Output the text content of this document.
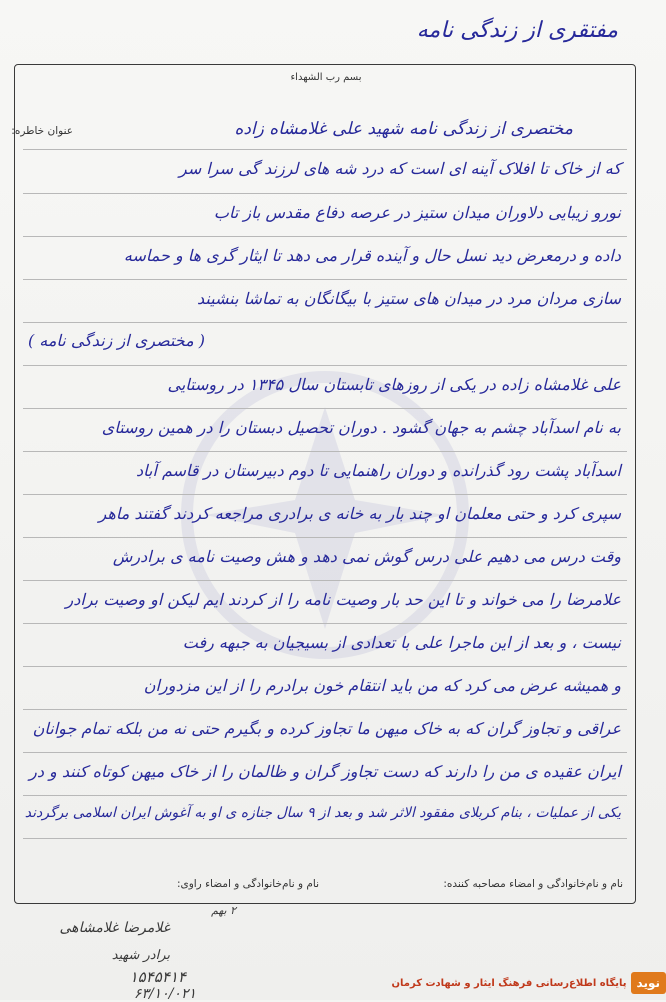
مفتقری از زندگی نامه
بسم رب الشهداء
عنوان خاطره:	مختصری از زندگی نامه شهید علی غلامشاه زاده
که از خاک تا افلاک آینه ای است که درد شه های لرزند گی سرا سر
نورو زیبایی دلاوران میدان ستیز در عرصه دفاع مقدس باز تاب
داده و درمعرض دید نسل حال و آینده قرار می دهد تا ایثار گری ها و حماسه
سازی مردان مرد در میدان های ستیز با بیگانگان به تماشا بنشیند
( مختصری از زندگی نامه )
علی غلامشاه زاده در یکی از روزهای تابستان سال ۱۳۴۵ در روستایی
به نام اسدآباد چشم به جهان گشود . دوران تحصیل دبستان را در همین روستای
اسدآباد پشت رود گذرانده و دوران راهنمایی تا دوم دبیرستان در قاسم آباد
سپری کرد و حتی معلمان او چند بار به خانه ی برادری مراجعه کردند گفتند ماهر
وقت درس می دهیم علی درس گوش نمی دهد و هش وصیت نامه ی برادرش
علامرضا را می خواند و تا این حد بار وصیت نامه را از کردند ایم لیکن او وصیت برادر
نیست ، و بعد از این ماجرا علی با تعدادی از بسیجیان به جبهه رفت
و همیشه عرض می کرد که من باید انتقام خون برادرم را از این مزدوران
عراقی و تجاوز گران که به خاک میهن ما تجاوز کرده و بگیرم حتی نه من بلکه تمام جوانان
ایران عقیده ی من را دارند که دست تجاوز گران و ظالمان را از خاک میهن کوتاه کنند و در
یکی از عملیات ، بنام کربلای مفقود الاثر شد و بعد از ۹ سال جنازه ی او به آغوش ایران اسلامی برگردند
نام و نام‌خانوادگی و امضاء مصاحبه کننده:
نام و نام‌خانوادگی و امضاء راوی:
۲ بهم
غلامرضا غلامشاهی
برادر شهید
۱۵۴۵۴۱۴
۶۳/۱۰/۰۲۱
نوید
پایگاه اطلاع‌رسانی فرهنگ ایثار و شهادت کرمان
